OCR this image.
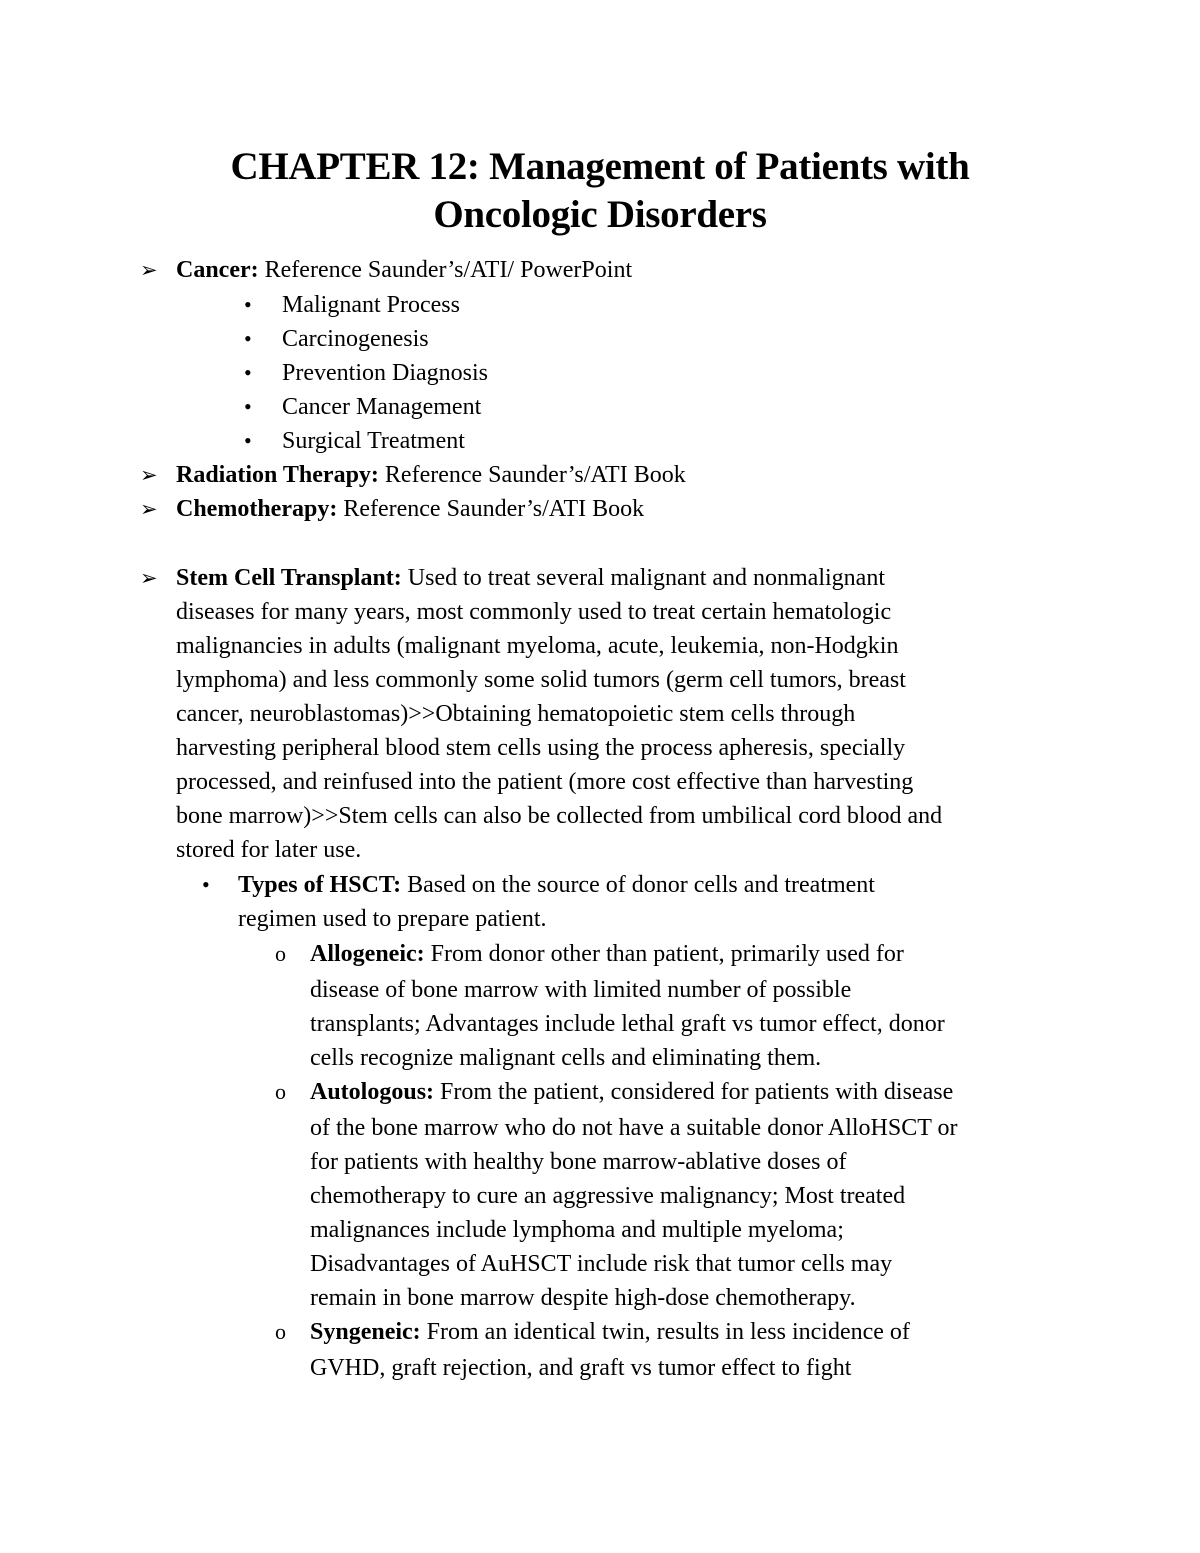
CHAPTER 12: Management of Patients with
Oncologic Disorders
➢ Cancer: Reference Saunder’s/ATI/ PowerPoint
• Malignant Process
• Carcinogenesis
• Prevention Diagnosis
• Cancer Management
• Surgical Treatment
➢ Radiation Therapy: Reference Saunder’s/ATI Book
➢ Chemotherapy: Reference Saunder’s/ATI Book
➢ Stem Cell Transplant: Used to treat several malignant and nonmalignant
diseases for many years, most commonly used to treat certain hematologic
malignancies in adults (malignant myeloma, acute, leukemia, non-Hodgkin
lymphoma) and less commonly some solid tumors (germ cell tumors, breast
cancer, neuroblastomas)>>Obtaining hematopoietic stem cells through
harvesting peripheral blood stem cells using the process apheresis, specially
processed, and reinfused into the patient (more cost effective than harvesting
bone marrow)>>Stem cells can also be collected from umbilical cord blood and
stored for later use.
• Types of HSCT: Based on the source of donor cells and treatment
regimen used to prepare patient.
o Allogeneic: From donor other than patient, primarily used for
disease of bone marrow with limited number of possible
transplants; Advantages include lethal graft vs tumor effect, donor
cells recognize malignant cells and eliminating them.
o Autologous: From the patient, considered for patients with disease
of the bone marrow who do not have a suitable donor AlloHSCT or
for patients with healthy bone marrow-ablative doses of
chemotherapy to cure an aggressive malignancy; Most treated
malignances include lymphoma and multiple myeloma;
Disadvantages of AuHSCT include risk that tumor cells may
remain in bone marrow despite high-dose chemotherapy.
o Syngeneic: From an identical twin, results in less incidence of
GVHD, graft rejection, and graft vs tumor effect to fight
